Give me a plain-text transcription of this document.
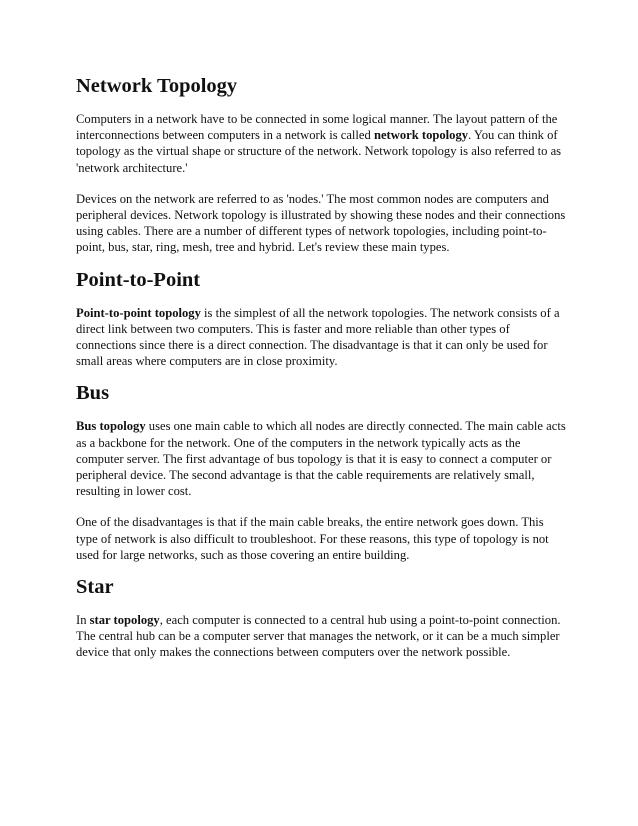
Network Topology

Computers in a network have to be connected in some logical manner. The layout pattern of the interconnections between computers in a network is called network topology. You can think of topology as the virtual shape or structure of the network. Network topology is also referred to as 'network architecture.'

Devices on the network are referred to as 'nodes.' The most common nodes are computers and peripheral devices. Network topology is illustrated by showing these nodes and their connections using cables. There are a number of different types of network topologies, including point-to-point, bus, star, ring, mesh, tree and hybrid. Let's review these main types.

Point-to-Point

Point-to-point topology is the simplest of all the network topologies. The network consists of a direct link between two computers. This is faster and more reliable than other types of connections since there is a direct connection. The disadvantage is that it can only be used for small areas where computers are in close proximity.

Bus

Bus topology uses one main cable to which all nodes are directly connected. The main cable acts as a backbone for the network. One of the computers in the network typically acts as the computer server. The first advantage of bus topology is that it is easy to connect a computer or peripheral device. The second advantage is that the cable requirements are relatively small, resulting in lower cost.

One of the disadvantages is that if the main cable breaks, the entire network goes down. This type of network is also difficult to troubleshoot. For these reasons, this type of topology is not used for large networks, such as those covering an entire building.

Star

In star topology, each computer is connected to a central hub using a point-to-point connection. The central hub can be a computer server that manages the network, or it can be a much simpler device that only makes the connections between computers over the network possible.
